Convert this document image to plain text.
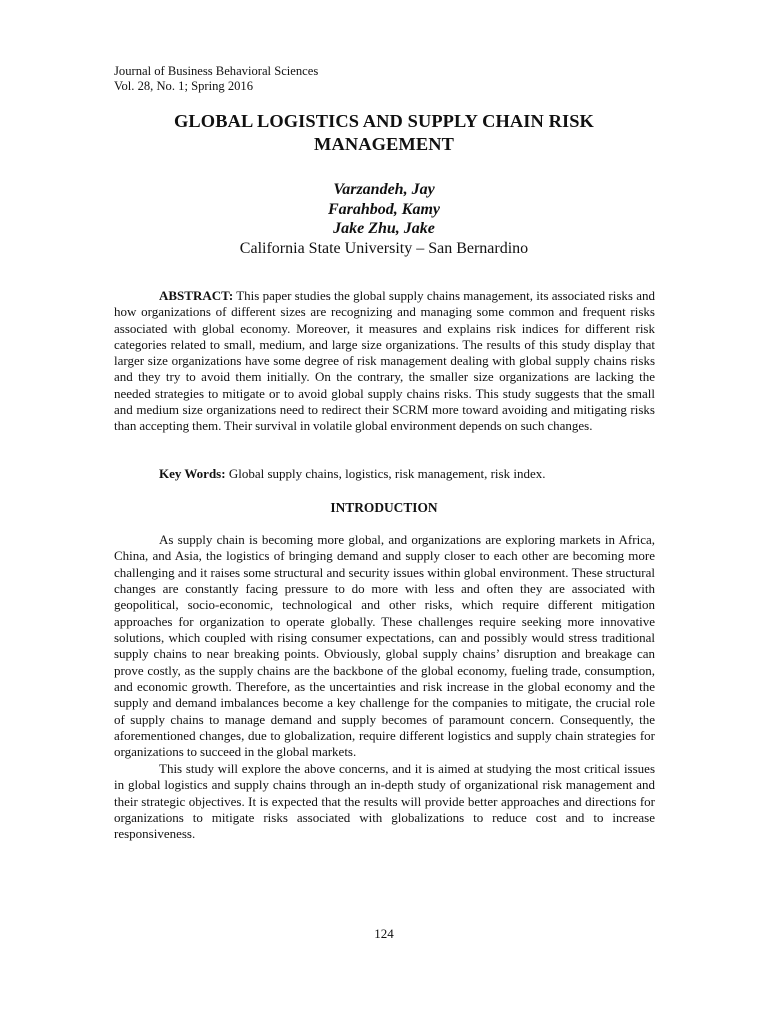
Journal of Business Behavioral Sciences
Vol. 28, No. 1; Spring 2016
GLOBAL LOGISTICS AND SUPPLY CHAIN RISK MANAGEMENT
Varzandeh, Jay
Farahbod, Kamy
Jake Zhu, Jake
California State University – San Bernardino
ABSTRACT: This paper studies the global supply chains management, its associated risks and how organizations of different sizes are recognizing and managing some common and frequent risks associated with global economy. Moreover, it measures and explains risk indices for different risk categories related to small, medium, and large size organizations. The results of this study display that larger size organizations have some degree of risk management dealing with global supply chains risks and they try to avoid them initially. On the contrary, the smaller size organizations are lacking the needed strategies to mitigate or to avoid global supply chains risks. This study suggests that the small and medium size organizations need to redirect their SCRM more toward avoiding and mitigating risks than accepting them. Their survival in volatile global environment depends on such changes.
Key Words: Global supply chains, logistics, risk management, risk index.
INTRODUCTION

As supply chain is becoming more global, and organizations are exploring markets in Africa, China, and Asia, the logistics of bringing demand and supply closer to each other are becoming more challenging and it raises some structural and security issues within global environment. These structural changes are constantly facing pressure to do more with less and often they are associated with geopolitical, socio-economic, technological and other risks, which require different mitigation approaches for organization to operate globally. These challenges require seeking more innovative solutions, which coupled with rising consumer expectations, can and possibly would stress traditional supply chains to near breaking points. Obviously, global supply chains’ disruption and breakage can prove costly, as the supply chains are the backbone of the global economy, fueling trade, consumption, and economic growth. Therefore, as the uncertainties and risk increase in the global economy and the supply and demand imbalances become a key challenge for the companies to mitigate, the crucial role of supply chains to manage demand and supply becomes of paramount concern. Consequently, the aforementioned changes, due to globalization, require different logistics and supply chain strategies for organizations to succeed in the global markets.

This study will explore the above concerns, and it is aimed at studying the most critical issues in global logistics and supply chains through an in-depth study of organizational risk management and their strategic objectives. It is expected that the results will provide better approaches and directions for organizations to mitigate risks associated with globalizations to reduce cost and to increase responsiveness.

124
